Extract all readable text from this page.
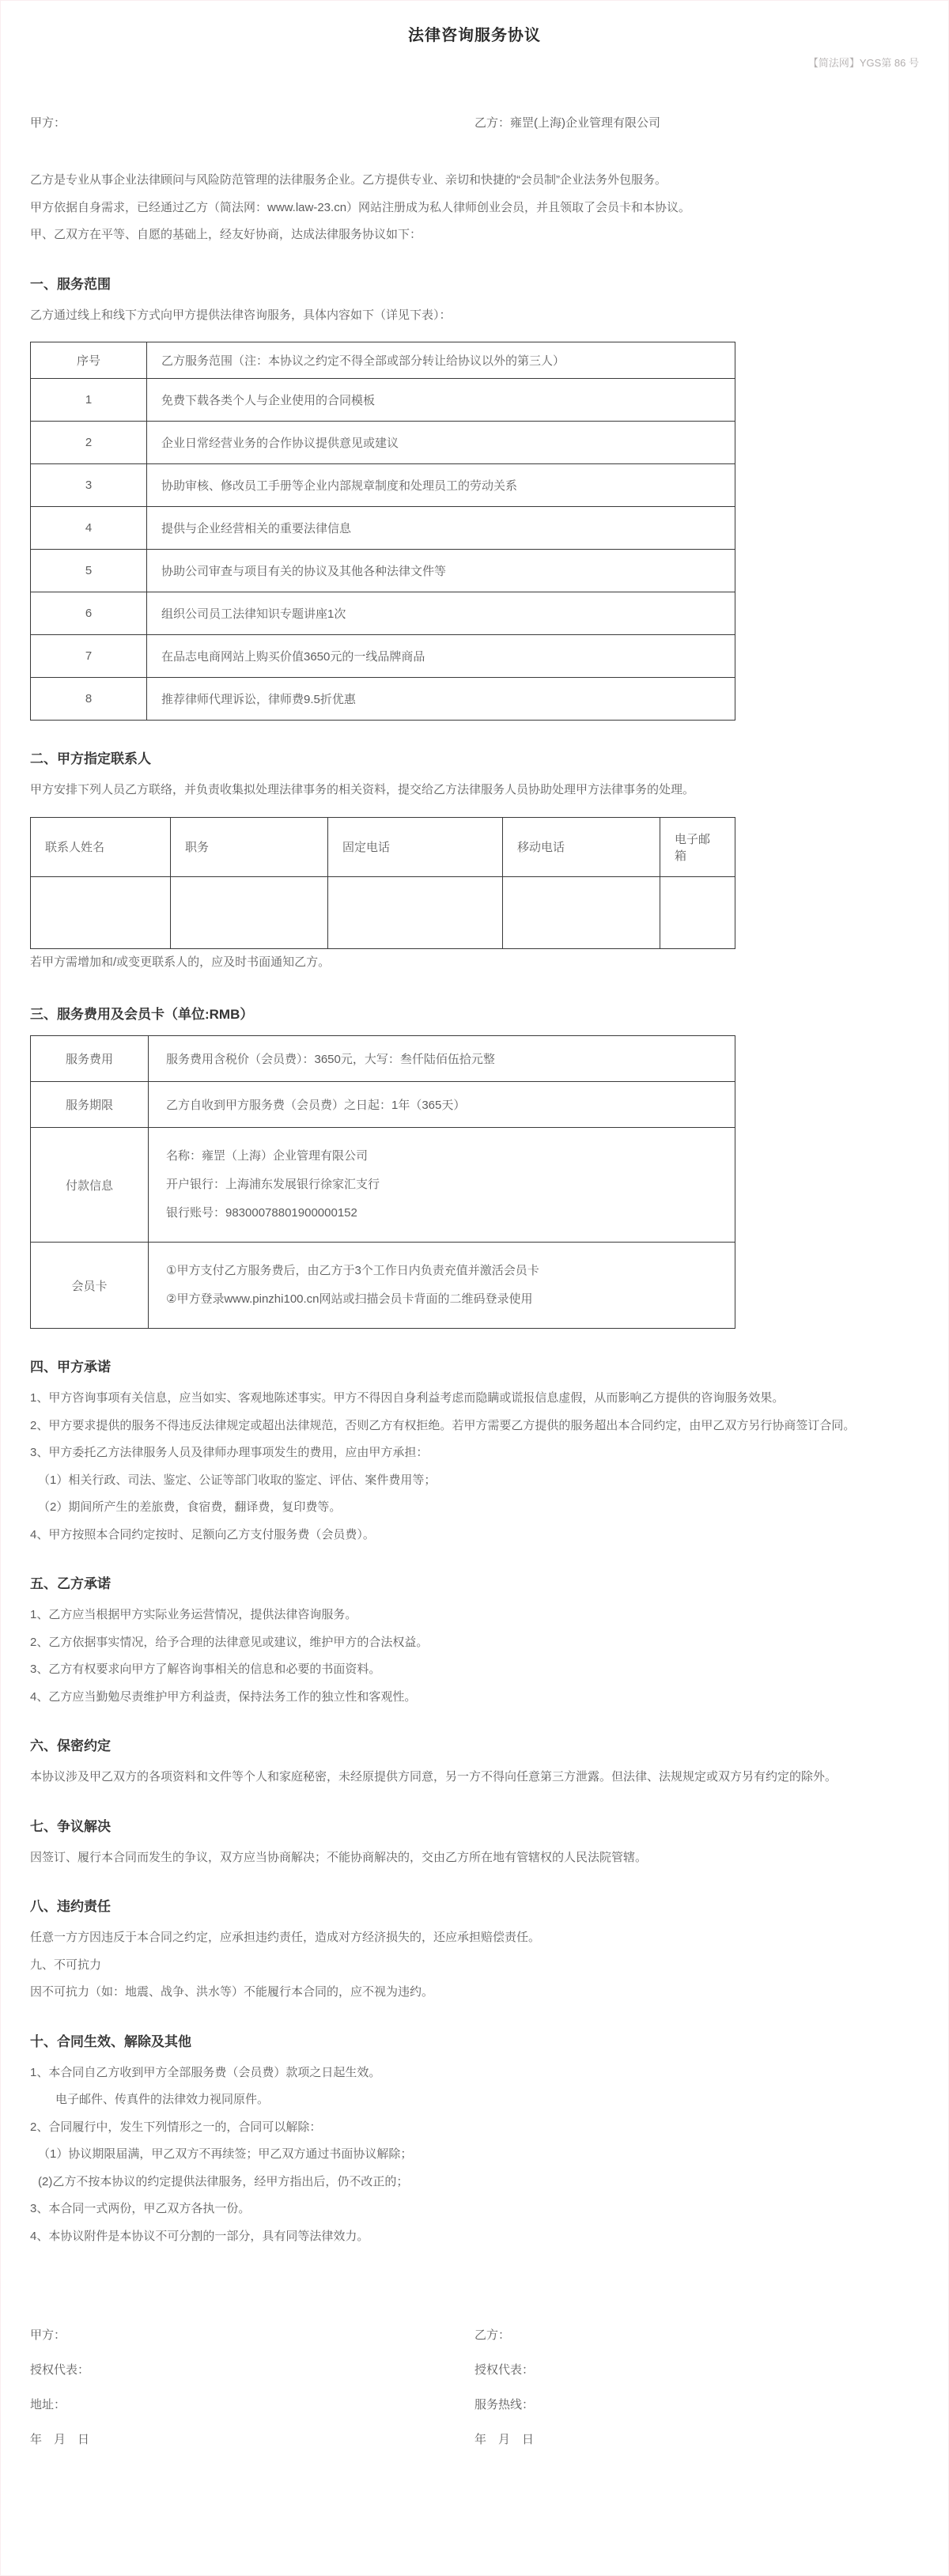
法律咨询服务协议
【简法网】YGS第 86 号
甲方：	乙方：雍罡(上海)企业管理有限公司

乙方是专业从事企业法律顾问与风险防范管理的法律服务企业。乙方提供专业、亲切和快捷的“会员制”企业法务外包服务。

甲方依据自身需求，已经通过乙方（简法网：www.law-23.cn）网站注册成为私人律师创业会员，并且领取了会员卡和本协议。

甲、乙双方在平等、自愿的基础上，经友好协商，达成法律服务协议如下：

一、服务范围

乙方通过线上和线下方式向甲方提供法律咨询服务，具体内容如下（详见下表）：

序号	乙方服务范围（注：本协议之约定不得全部或部分转让给协议以外的第三人）
1	免费下载各类个人与企业使用的合同模板
2	企业日常经营业务的合作协议提供意见或建议
3	协助审核、修改员工手册等企业内部规章制度和处理员工的劳动关系
4	提供与企业经营相关的重要法律信息
5	协助公司审查与项目有关的协议及其他各种法律文件等
6	组织公司员工法律知识专题讲座1次
7	在品志电商网站上购买价值3650元的一线品牌商品
8	推荐律师代理诉讼，律师费9.5折优惠
二、甲方指定联系人

甲方安排下列人员乙方联络，并负责收集拟处理法律事务的相关资料，提交给乙方法律服务人员协助处理甲方法律事务的处理。

联系人姓名	职务	固定电话	移动电话	电子邮箱

若甲方需增加和/或变更联系人的，应及时书面通知乙方。

三、服务费用及会员卡（单位:RMB）
服务费用	服务费用含税价（会员费）：3650元，大写：叁仟陆佰伍拾元整
服务期限	乙方自收到甲方服务费（会员费）之日起：1年（365天）
付款信息	名称：雍罡（上海）企业管理有限公司
开户银行：上海浦东发展银行徐家汇支行
银行账号：98300078801900000152

会员卡	①甲方支付乙方服务费后，由乙方于3个工作日内负责充值并激活会员卡
②甲方登录www.pinzhi100.cn网站或扫描会员卡背面的二维码登录使用
四、甲方承诺

1、甲方咨询事项有关信息，应当如实、客观地陈述事实。甲方不得因自身利益考虑而隐瞒或谎报信息虚假，从而影响乙方提供的咨询服务效果。

2、甲方要求提供的服务不得违反法律规定或超出法律规范，否则乙方有权拒绝。若甲方需要乙方提供的服务超出本合同约定，由甲乙双方另行协商签订合同。

3、甲方委托乙方法律服务人员及律师办理事项发生的费用，应由甲方承担：

（1）相关行政、司法、鉴定、公证等部门收取的鉴定、评估、案件费用等；

（2）期间所产生的差旅费，食宿费，翻译费，复印费等。

4、甲方按照本合同约定按时、足额向乙方支付服务费（会员费）。

五、乙方承诺

1、乙方应当根据甲方实际业务运营情况，提供法律咨询服务。

2、乙方依据事实情况，给予合理的法律意见或建议，维护甲方的合法权益。

3、乙方有权要求向甲方了解咨询事相关的信息和必要的书面资料。

4、乙方应当勤勉尽责维护甲方利益责，保持法务工作的独立性和客观性。

六、保密约定

本协议涉及甲乙双方的各项资料和文件等个人和家庭秘密，未经原提供方同意，另一方不得向任意第三方泄露。但法律、法规规定或双方另有约定的除外。

七、争议解决

因签订、履行本合同而发生的争议，双方应当协商解决；不能协商解决的，交由乙方所在地有管辖权的人民法院管辖。

八、违约责任

任意一方方因违反于本合同之约定，应承担违约责任，造成对方经济损失的，还应承担赔偿责任。

九、不可抗力

因不可抗力（如：地震、战争、洪水等）不能履行本合同的，应不视为违约。

十、合同生效、解除及其他

1、本合同自乙方收到甲方全部服务费（会员费）款项之日起生效。

电子邮件、传真件的法律效力视同原件。

2、合同履行中，发生下列情形之一的，合同可以解除：

（1）协议期限届满，甲乙双方不再续签；甲乙双方通过书面协议解除；

(2)乙方不按本协议的约定提供法律服务，经甲方指出后，仍不改正的；

3、本合同一式两份，甲乙双方各执一份。

4、本协议附件是本协议不可分割的一部分，具有同等法律效力。

甲方：

授权代表：

地址：

年　月　日

乙方：

授权代表：

服务热线：

年　月　日
